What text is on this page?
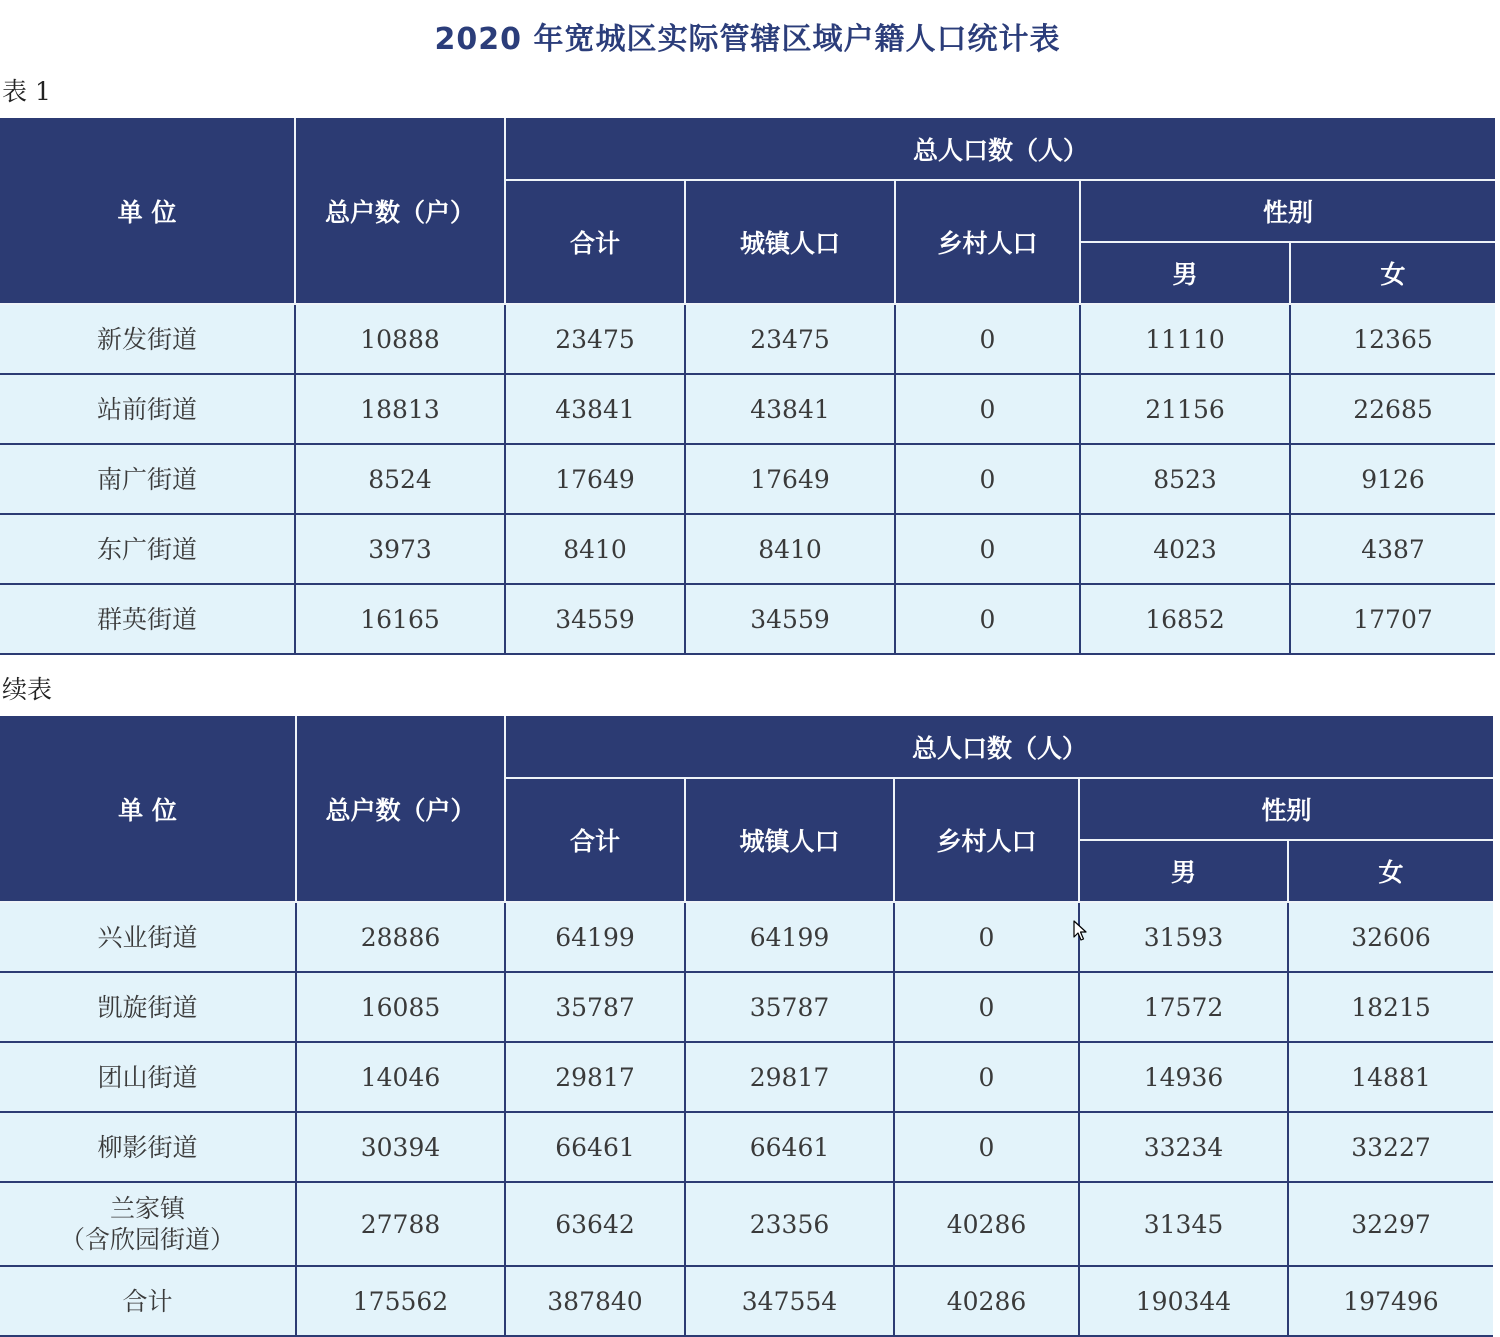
2020 年宽城区实际管辖区域户籍人口统计表
表 1
单 位	总户数（户）	总人口数（人）				
		合计	城镇人口	乡村人口	性别	
					男	女
新发街道	10888	23475	23475	0	11110	12365
站前街道	18813	43841	43841	0	21156	22685
南广街道	8524	17649	17649	0	8523	9126
东广街道	3973	8410	8410	0	4023	4387
群英街道	16165	34559	34559	0	16852	17707
续表
单 位	总户数（户）	总人口数（人）				
		合计	城镇人口	乡村人口	性别	
					男	女
兴业街道	28886	64199	64199	0	31593	32606
凯旋街道	16085	35787	35787	0	17572	18215
团山街道	14046	29817	29817	0	14936	14881
柳影街道	30394	66461	66461	0	33234	33227

兰家镇
（含欣园街道）	27788	63642	23356	40286	31345	32297
合计	175562	387840	347554	40286	190344	197496
